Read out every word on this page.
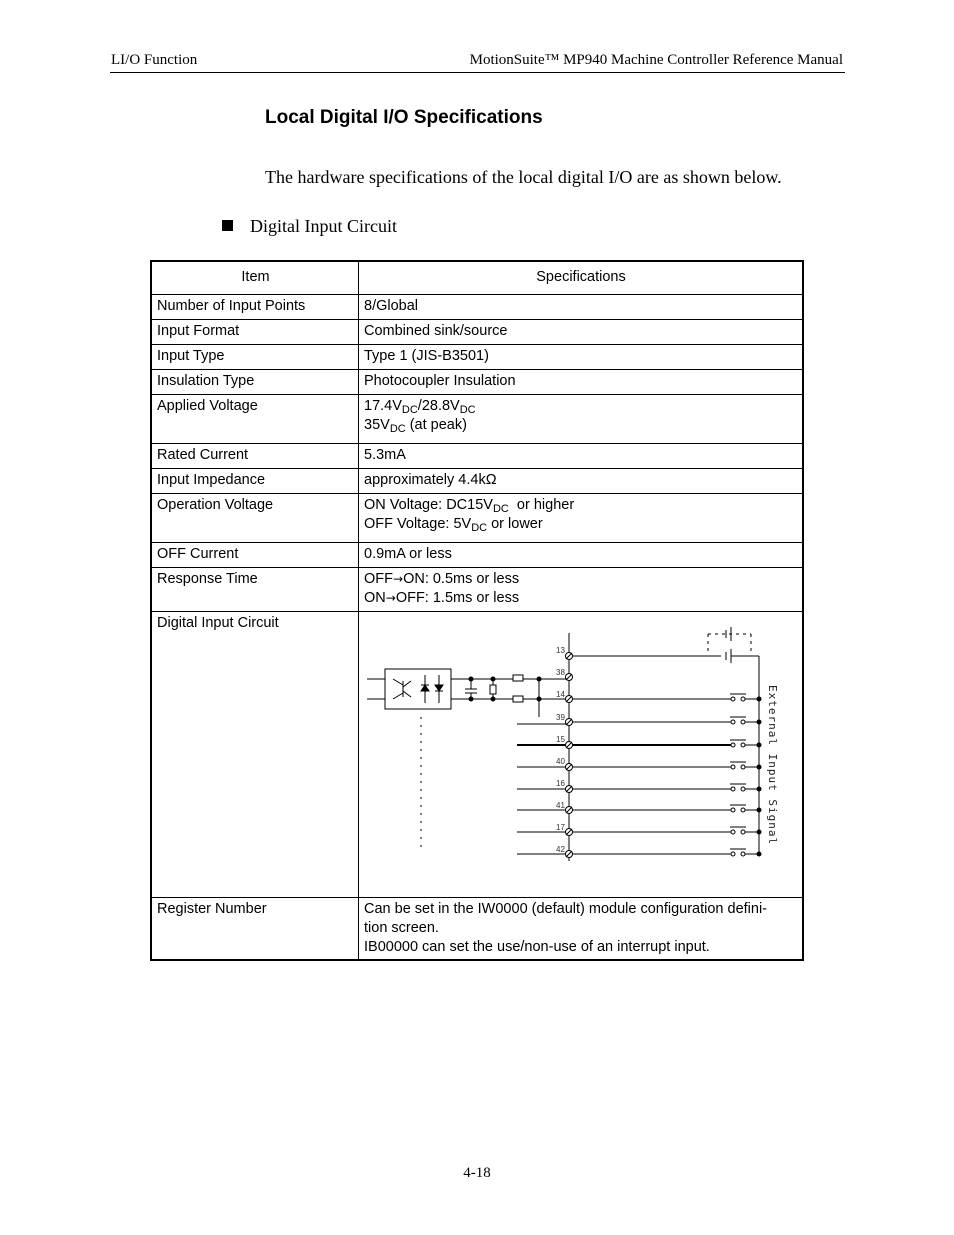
LI/O Function	MotionSuite™ MP940 Machine Controller Reference Manual
Local Digital I/O Specifications
The hardware specifications of the local digital I/O are as shown below.
Digital Input Circuit
Item	Specifications
Number of Input Points	8/Global
Input Format	Combined sink/source
Input Type	Type 1 (JIS-B3501)
Insulation Type	Photocoupler Insulation
Applied Voltage	$17.4V_{DC}/28.8V_{DC}$
$35V_{DC}$ (at peak)

Rated Current	5.3mA
Input Impedance	approximately 4.4kΩ
Operation Voltage	ON Voltage: $DC15V_{DC}$  or higher
OFF Voltage: $5V_{DC}$ or lower

OFF Current	0.9mA or less
Response Time	OFF→ON: 0.5ms or less
ON→OFF: 1.5ms or less

Digital Input Circuit	
Register Number	Can be set in the IW0000 (default) module configuration defini-
tion screen.
IB00000 can set the use/non-use of an interrupt input.
13
38
14
39
15
40
16
41
17
42
External Input Signal
4-18
